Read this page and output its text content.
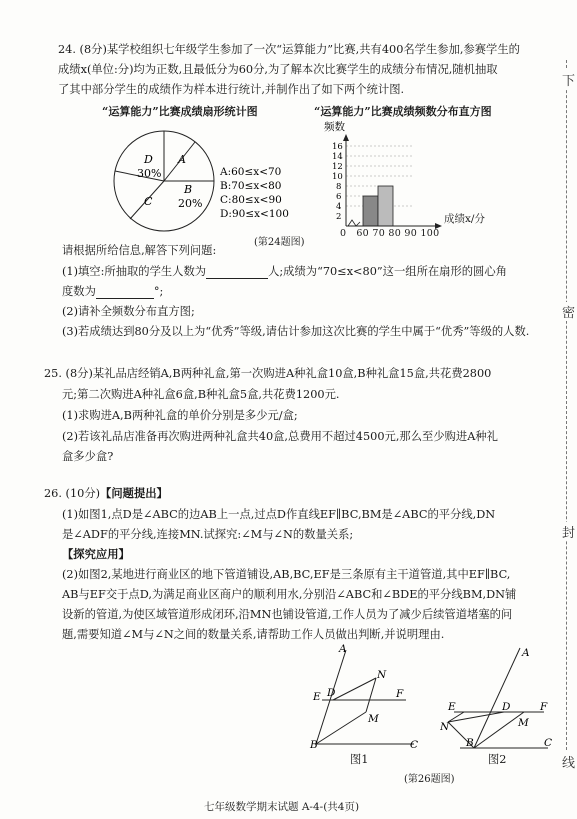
下
密
封
线
24. (8分)某学校组织七年级学生参加了一次“运算能力”比赛,共有400名学生参加,参赛学生的
成绩x(单位:分)均为正数,且最低分为60分,为了解本次比赛学生的成绩分布情况,随机抽取
了其中部分学生的成绩作为样本进行统计,并制作出了如下两个统计图.
“运算能力”比赛成绩扇形统计图	“运算能力”比赛成绩频数分布直方图
D
30%
A
B
20%
C
A:60≤x<70
B:70≤x<80
C:80≤x<90
D:90≤x<100
频数
16
14
12
10
8
6
4
2
0 60 70 80 90 100
成绩x/分
(第24题图)
请根据所给信息,解答下列问题:
(1)填空:所抽取的学生人数为	人;成绩为“70≤x<80”这一组所在扇形的圆心角
度数为	°;
(2)请补全频数分布直方图;
(3)若成绩达到80分及以上为“优秀”等级,请估计参加这次比赛的学生中属于“优秀”等级的人数.
25. (8分)某礼品店经销A,B两种礼盒,第一次购进A种礼盒10盒,B种礼盒15盒,共花费2800
元;第二次购进A种礼盒6盒,B种礼盒5盒,共花费1200元.
(1)求购进A,B两种礼盒的单价分别是多少元/盒;
(2)若该礼品店准备再次购进两种礼盒共40盒,总费用不超过4500元,那么至少购进A种礼
盒多少盒?
26. (10分)【问题提出】
(1)如图1,点D是∠ABC的边AB上一点,过点D作直线EF∥BC,BM是∠ABC的平分线,DN
是∠ADF的平分线,连接MN.试探究:∠M与∠N的数量关系;
【探究应用】
(2)如图2,某地进行商业区的地下管道铺设,AB,BC,EF是三条原有主干道管道,其中EF∥BC,
AB与EF交于点D,为满足商业区商户的顺利用水,分别沿∠ABC和∠BDE的平分线BM,DN铺
设新的管道,为使区域管道形成闭环,沿MN也铺设管道,工作人员为了减少后续管道堵塞的问
题,需要知道∠M与∠N之间的数量关系,请帮助工作人员做出判断,并说明理由.
A
N
E D	F
M
B	C
图1
A
N
E	D	F
M
B	C
图2
(第26题图)
七年级数学期末试题 A-4-(共4页)
